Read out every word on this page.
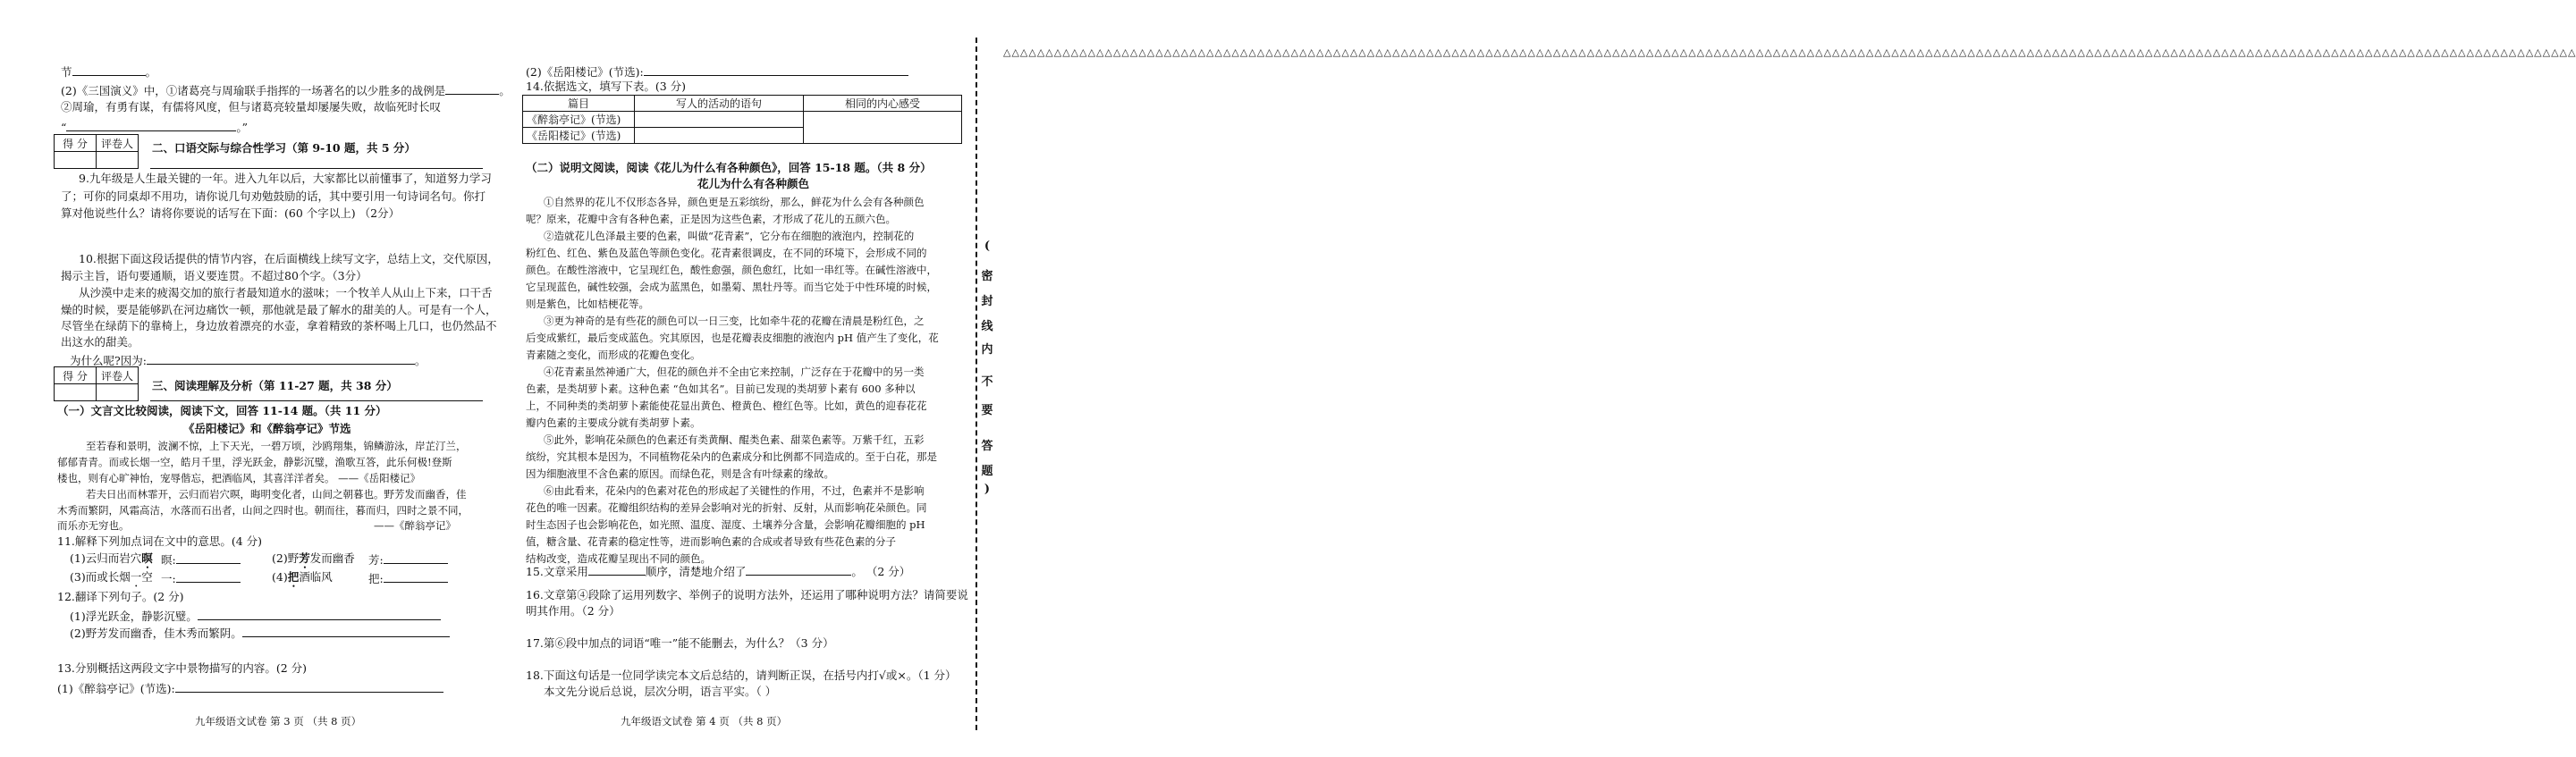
节	。
(2)《三国演义》中，①诸葛亮与周瑜联手指挥的一场著名的以少胜多的战例是	。
②周瑜，有勇有谋，有儒将风度，但与诸葛亮较量却屡屡失败，故临死时长叹
“	。”
得 分	评卷人
	二、口语交际与综合性学习（第 9-10 题，共 5 分）
9.九年级是人生最关键的一年。进入九年以后，大家都比以前懂事了，知道努力学习
了；可你的同桌却不用功，请你说几句劝勉鼓励的话，其中要引用一句诗词名句。你打
算对他说些什么？请将你要说的话写在下面：(60 个字以上) （2分）
10.根据下面这段话提供的情节内容，在后面横线上续写文字，总结上文，交代原因，
揭示主旨，语句要通顺，语义要连贯。不超过80个字。（3分）
从沙漠中走来的疲渴交加的旅行者最知道水的滋味；一个牧羊人从山上下来，口干舌
燥的时候，要是能够趴在河边痛饮一顿，那他就是最了解水的甜美的人。可是有一个人，
尽管坐在绿荫下的靠椅上，身边放着漂亮的水壶，拿着精致的茶杯喝上几口，也仍然品不
出这水的甜美。
为什么呢?因为:	。
得 分	评卷人

三、阅读理解及分析（第 11-27 题，共 38 分）
（一）文言文比较阅读，阅读下文，回答 11-14 题。（共 11 分）
《岳阳楼记》和《醉翁亭记》节选
至若春和景明，波澜不惊，上下天光，一碧万顷，沙鸥翔集，锦鳞游泳，岸芷汀兰，
郁郁青青。而或长烟一空，皓月千里，浮光跃金，静影沉璧，渔歌互答，此乐何极!登斯
楼也，则有心旷神怡，宠辱偕忘，把酒临风，其喜洋洋者矣。 ——《岳阳楼记》
若夫日出而林霏开，云归而岩穴暝，晦明变化者，山间之朝暮也。野芳发而幽香，佳
木秀而繁阴，风霜高洁，水落而石出者，山间之四时也。朝而往，暮而归，四时之景不同，
而乐亦无穷也。	——《醉翁亭记》
11.解释下列加点词在文中的意思。(4 分)
(1)云归而岩穴暝 暝:	(2)野芳发而幽香 芳:
(3)而或长烟一空 一:	(4)把酒临风	把:
12.翻译下列句子。(2 分)
(1)浮光跃金，静影沉璧。
(2)野芳发而幽香，佳木秀而繁阴。
13.分别概括这两段文字中景物描写的内容。(2 分)
(1)《醉翁亭记》(节选):
九年级语文试卷 第 3 页 （共 8 页）
(2)《岳阳楼记》(节选):
14.依据选文，填写下表。(3 分)
篇目	写人的活动的语句	相同的内心感受
《醉翁亭记》(节选)		
《岳阳楼记》(节选)		
（二）说明文阅读，阅读《花儿为什么有各种颜色》，回答 15-18 题。（共 8 分）
花儿为什么有各种颜色
①自然界的花儿不仅形态各异，颜色更是五彩缤纷，那么，鲜花为什么会有各种颜色
呢？原来，花瓣中含有各种色素，正是因为这些色素，才形成了花儿的五颜六色。
②造就花儿色泽最主要的色素，叫做“花青素”，它分布在细胞的液泡内，控制花的
粉红色、红色、紫色及蓝色等颜色变化。花青素很调皮，在不同的环境下，会形成不同的
颜色。在酸性溶液中，它呈现红色，酸性愈强，颜色愈红，比如一串红等。在碱性溶液中，
它呈现蓝色，碱性较强，会成为蓝黑色，如墨菊、黑牡丹等。而当它处于中性环境的时候，
则是紫色，比如桔梗花等。
③更为神奇的是有些花的颜色可以一日三变，比如牵牛花的花瓣在清晨是粉红色，之
后变成紫红，最后变成蓝色。究其原因，也是花瓣表皮细胞的液泡内 pH 值产生了变化，花
青素随之变化，而形成的花瓣色变化。
④花青素虽然神通广大，但花的颜色并不全由它来控制，广泛存在于花瓣中的另一类
色素，是类胡萝卜素。这种色素 “色如其名”。目前已发现的类胡萝卜素有 600 多种以
上，不同种类的类胡萝卜素能使花显出黄色、橙黄色、橙红色等。比如，黄色的迎春花花
瓣内色素的主要成分就有类胡萝卜素。
⑤此外，影响花朵颜色的色素还有类黄酮、醌类色素、甜菜色素等。万紫千红，五彩
缤纷，究其根本是因为，不同植物花朵内的色素成分和比例都不同造成的。至于白花，那是
因为细胞液里不含色素的原因。而绿色花，则是含有叶绿素的缘故。
⑥由此看来，花朵内的色素对花色的形成起了关键性的作用，不过，色素并不是影响
花色的唯一因素。花瓣组织结构的差异会影响对光的折射、反射，从而影响花朵颜色。同
时生态因子也会影响花色，如光照、温度、湿度、土壤养分含量，会影响花瓣细胞的 pH
值，糖含量、花青素的稳定性等，进而影响色素的合成或者导致有些花色素的分子
结构改变，造成花瓣呈现出不同的颜色。
15.文章采用	顺序，清楚地介绍了	。 （2 分）
16.文章第④段除了运用列数字、举例子的说明方法外，还运用了哪种说明方法？请简要说
明其作用。（2 分）
17.第⑥段中加点的词语“唯一”能不能删去，为什么？（3 分）
18.下面这句话是一位同学读完本文后总结的，请判断正误，在括号内打√或×。（1 分）
本文先分说后总说，层次分明，语言平实。（ ）
九年级语文试卷 第 4 页 （共 8 页）
(
密
封
线
内
不
要
答
题
)
△△△△△△△△△△△△△△△△△△△△△△△△△△△△△△△△△△△△△△△△△△△△△△△△△△△△△△△△△△△△△△△△△△△△△△△△△△△△△△△△△△△△△△△△△△△△△△△△△△△△△△△△△△△△△△△△△△△△△△△△△△△△△△△△△△△△△△△△△△△△△△△△△△△△△△△△△△△△△△△△△△△△△△△△△△△△△△△△△△△△△△△△△△
